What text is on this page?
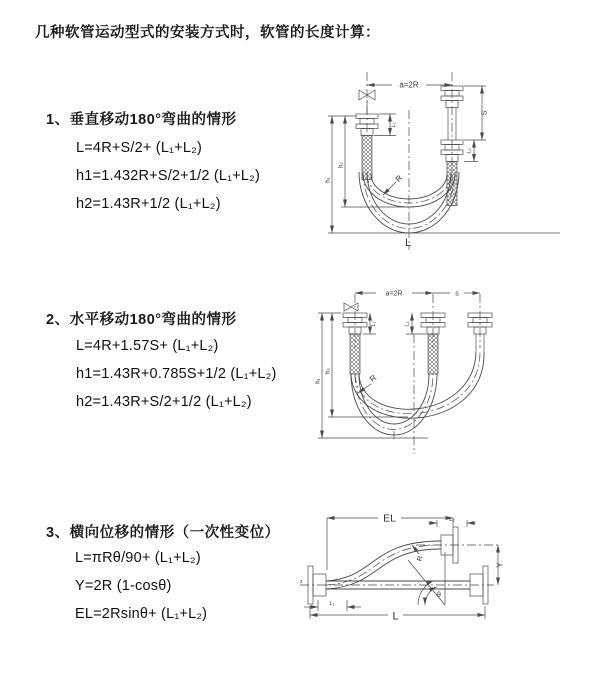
几种软管运动型式的安装方式时，软管的长度计算：
1、垂直移动180°弯曲的情形
L=4R+S/2+ (L₁+L₂)
h1=1.432R+S/2+1/2 (L₁+L₂)
h2=1.43R+1/2 (L₁+L₂)
2、水平移动180°弯曲的情形
L=4R+1.57S+ (L₁+L₂)
h1=1.43R+0.785S+1/2 (L₁+L₂)
h2=1.43R+S/2+1/2 (L₁+L₂)
3、横向位移的情形（一次性变位）
L=πRθ/90+ (L₁+L₂)
Y=2R (1-cosθ)
EL=2Rsinθ+ (L₁+L₂)
a=2R
h₂
h₁
L₁
S
L₂
R
L
a=2R	s
h₁
h₂
L₁	L₂
R
z
EL	L₂
Y
L
L₁
R
θ
